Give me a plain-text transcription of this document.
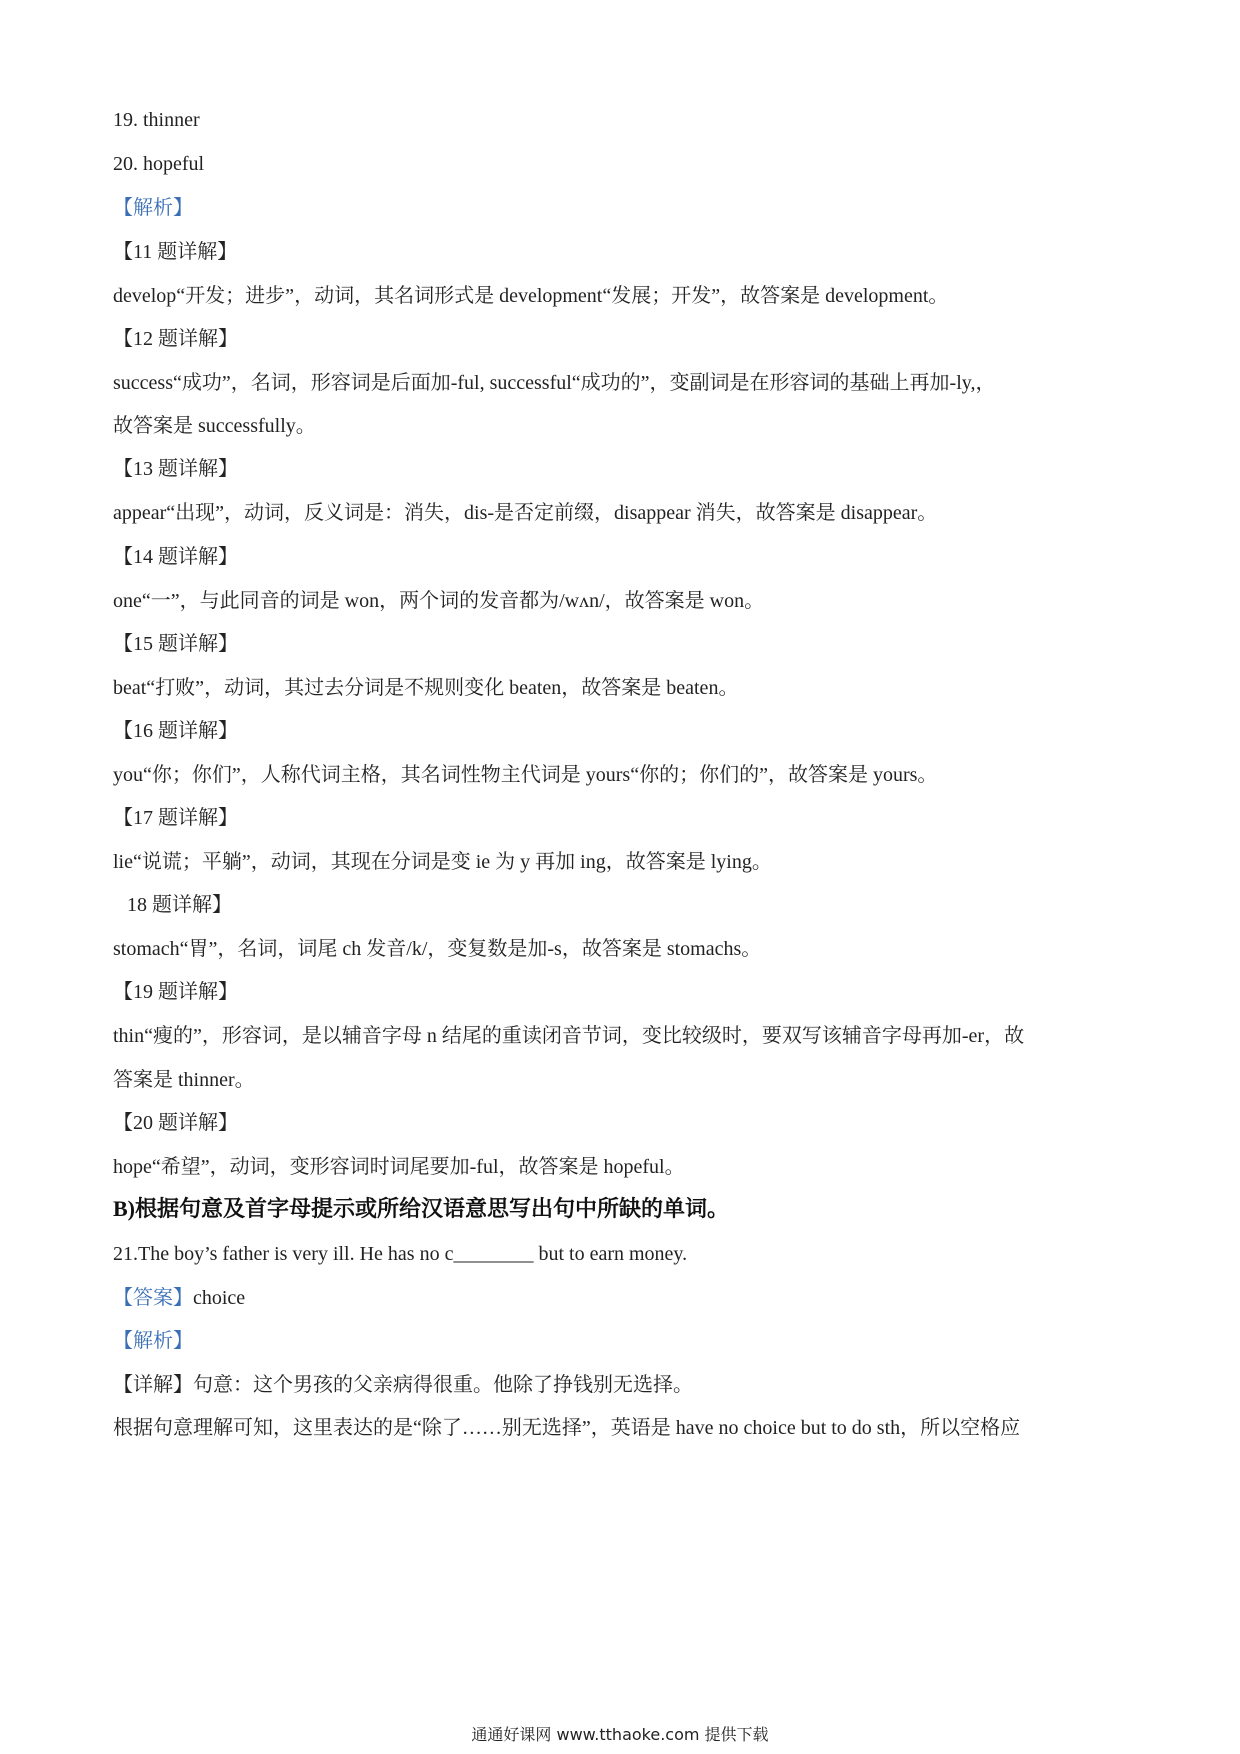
19. thinner
20. hopeful
【解析】
【11 题详解】
develop“开发；进步”，动词，其名词形式是 development“发展；开发”，故答案是 development。
【12 题详解】
success“成功”，名词，形容词是后面加-ful, successful“成功的”，变副词是在形容词的基础上再加-ly,，
故答案是 successfully。
【13 题详解】
appear“出现”，动词，反义词是：消失，dis-是否定前缀，disappear 消失，故答案是 disappear。
【14 题详解】
one“一”，与此同音的词是 won，两个词的发音都为/wʌn/，故答案是 won。
【15 题详解】
beat“打败”，动词，其过去分词是不规则变化 beaten，故答案是 beaten。
【16 题详解】
you“你；你们”，人称代词主格，其名词性物主代词是 yours“你的；你们的”，故答案是 yours。
【17 题详解】
lie“说谎；平躺”，动词，其现在分词是变 ie 为 y 再加 ing，故答案是 lying。
18 题详解】
stomach“胃”，名词，词尾 ch 发音/k/，变复数是加-s，故答案是 stomachs。
【19 题详解】
thin“瘦的”，形容词，是以辅音字母 n 结尾的重读闭音节词，变比较级时，要双写该辅音字母再加-er，故
答案是 thinner。
【20 题详解】
hope“希望”，动词，变形容词时词尾要加-ful，故答案是 hopeful。
B)根据句意及首字母提示或所给汉语意思写出句中所缺的单词。
21.The boy’s father is very ill. He has no c________ but to earn money.
【答案】choice
【解析】
【详解】句意：这个男孩的父亲病得很重。他除了挣钱别无选择。
根据句意理解可知，这里表达的是“除了……别无选择”，英语是 have no choice but to do sth，所以空格应
通通好课网 www.tthaoke.com 提供下载
